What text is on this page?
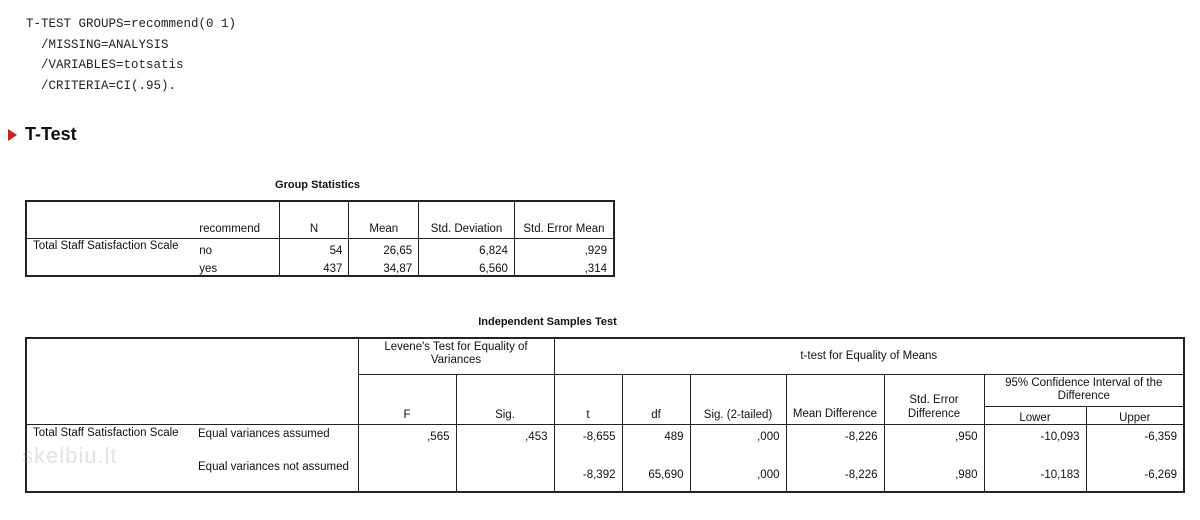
T-TEST GROUPS=recommend(0 1)
/MISSING=ANALYSIS
/VARIABLES=totsatis
/CRITERIA=CI(.95).
T-Test
Group Statistics
	recommend	N	Mean	Std. Deviation	Std. Error Mean
Total Staff Satisfaction Scale	no	54	26,65	6,824	,929
	yes	437	34,87	6,560	,314
Independent Samples Test
		Levene's Test for Equality of Variances		t-test for Equality of Means						
		F	Sig.	t	df	Sig. (2-tailed)	Mean Difference	Std. Error Difference	95% Confidence Interval of the Difference	
									Lower	Upper
Total Staff Satisfaction Scale	Equal variances assumed	,565	,453	-8,655	489	,000	-8,226	,950	-10,093	-6,359
	Equal variances not assumed			-8,392	65,690	,000	-8,226	,980	-10,183	-6,269
skelbiu.lt
